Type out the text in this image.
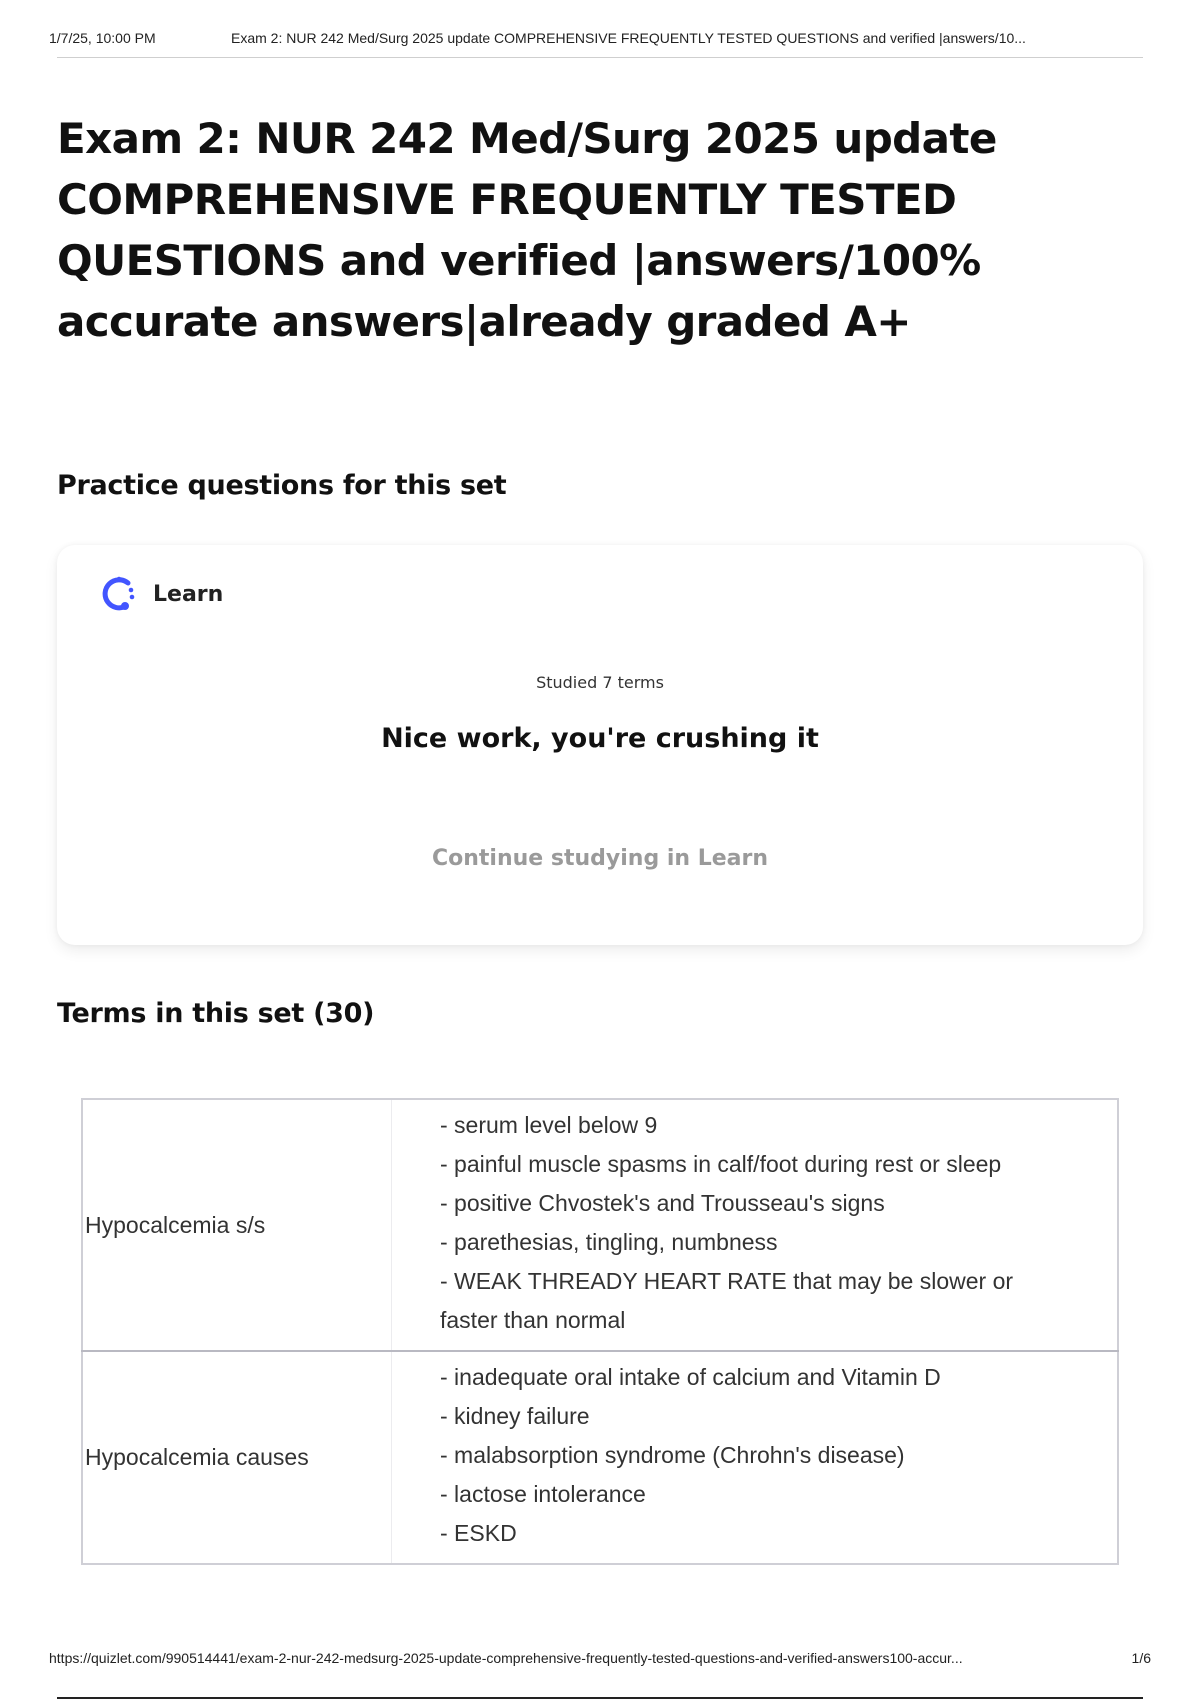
1/7/25, 10:00 PM	Exam 2: NUR 242 Med/Surg 2025 update COMPREHENSIVE FREQUENTLY TESTED QUESTIONS and verified |answers/10...
Exam 2: NUR 242 Med/Surg 2025 update COMPREHENSIVE FREQUENTLY TESTED QUESTIONS and verified |answers/100% accurate answers|already graded A+
Practice questions for this set
Learn
Studied 7 terms
Nice work, you're crushing it
Continue studying in Learn
Terms in this set (30)
Hypocalcemia s/s	- serum level below 9
- painful muscle spasms in calf/foot during rest or sleep
- positive Chvostek's and Trousseau's signs
- parethesias, tingling, numbness
- WEAK THREADY HEART RATE that may be slower or faster than normal

Hypocalcemia causes	- inadequate oral intake of calcium and Vitamin D
- kidney failure
- malabsorption syndrome (Chrohn's disease)
- lactose intolerance
- ESKD
https://quizlet.com/990514441/exam-2-nur-242-medsurg-2025-update-comprehensive-frequently-tested-questions-and-verified-answers100-accur...	1/6
